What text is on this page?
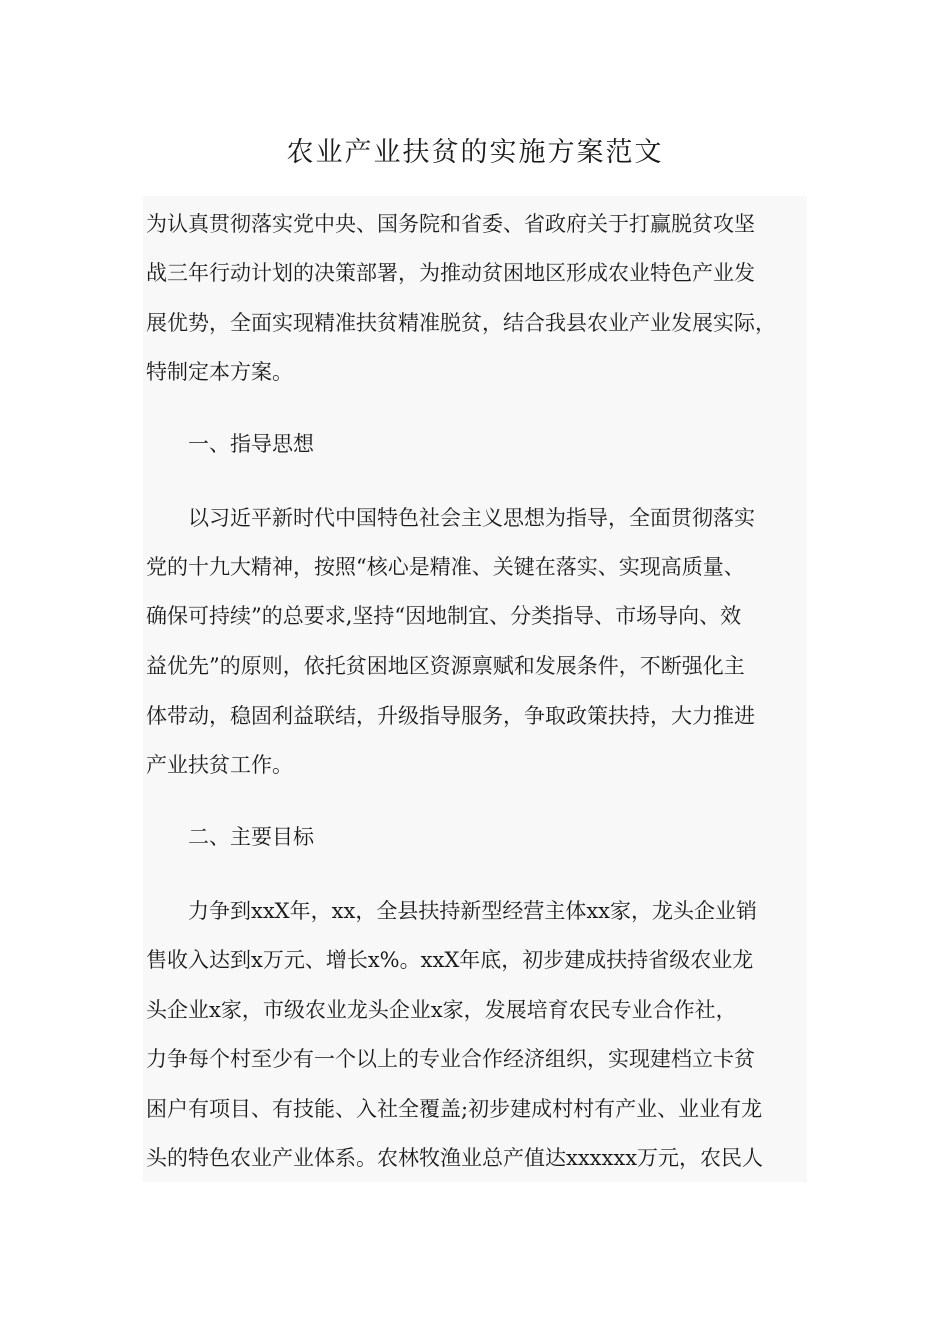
农业产业扶贫的实施方案范文
为认真贯彻落实党中央、国务院和省委、省政府关于打赢脱贫攻坚
战三年行动计划的决策部署，为推动贫困地区形成农业特色产业发
展优势，全面实现精准扶贫精准脱贫，结合我县农业产业发展实际，
特制定本方案。
一、指导思想
以习近平新时代中国特色社会主义思想为指导，全面贯彻落实
党的十九大精神，按照“核心是精准、关键在落实、实现高质量、
确保可持续”的总要求,坚持“因地制宜、分类指导、市场导向、效
益优先”的原则，依托贫困地区资源禀赋和发展条件，不断强化主
体带动，稳固利益联结，升级指导服务，争取政策扶持，大力推进
产业扶贫工作。
二、主要目标
力争到xxX年，xx，全县扶持新型经营主体xx家，龙头企业销
售收入达到x万元、增长x%。xxX年底，初步建成扶持省级农业龙
头企业x家，市级农业龙头企业x家，发展培育农民专业合作社，
力争每个村至少有一个以上的专业合作经济组织，实现建档立卡贫
困户有项目、有技能、入社全覆盖;初步建成村村有产业、业业有龙
头的特色农业产业体系。农林牧渔业总产值达xxxxxx万元，农民人
